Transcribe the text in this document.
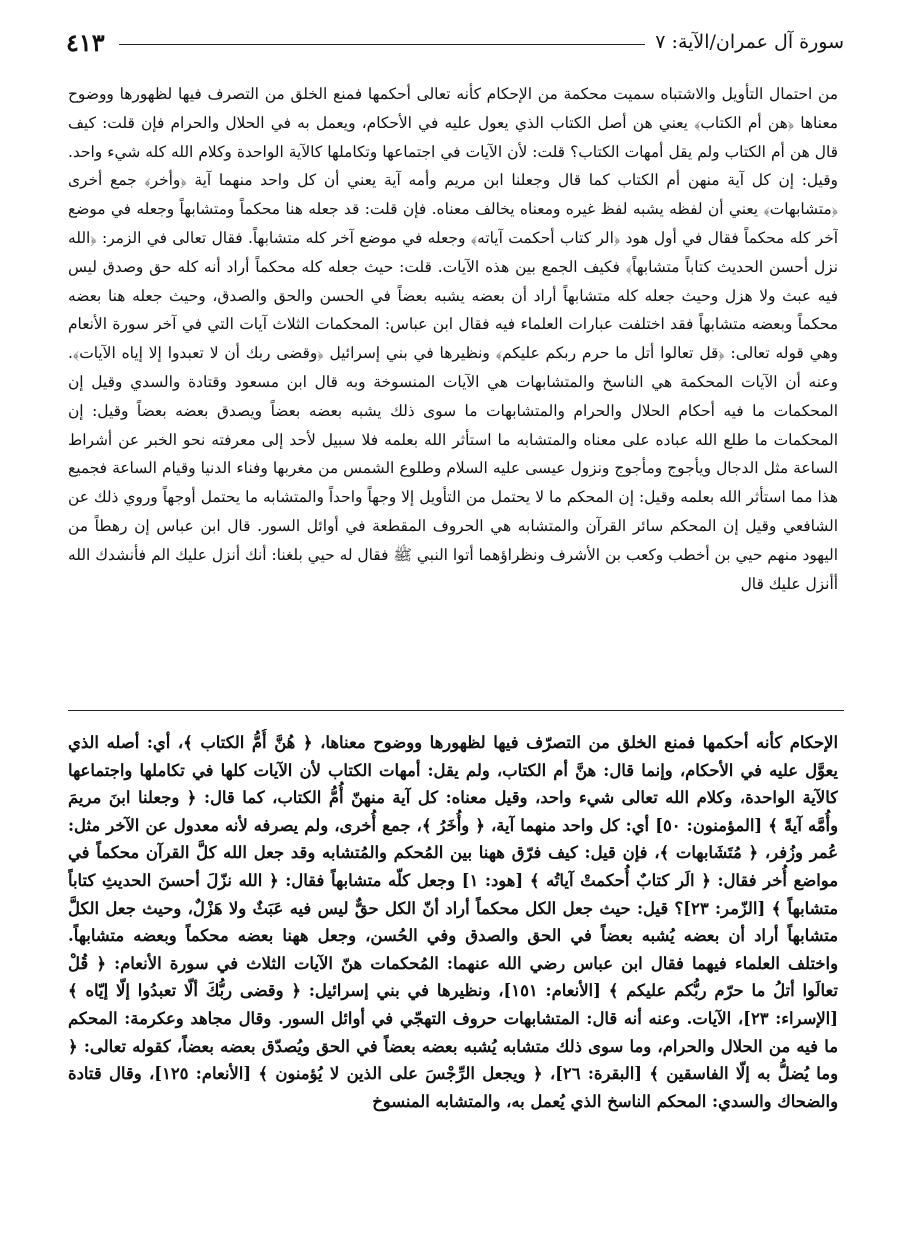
سورة آل عمران/الآية: ٧
٤١٣

من احتمال التأويل والاشتباه سميت محكمة من الإحكام كأنه تعالى أحكمها فمنع الخلق من التصرف فيها لظهورها ووضوح معناها ﴿هن أم الكتاب﴾ يعني هن أصل الكتاب الذي يعول عليه في الأحكام، ويعمل به في الحلال والحرام فإن قلت: كيف قال هن أم الكتاب ولم يقل أمهات الكتاب؟ قلت: لأن الآيات في اجتماعها وتكاملها كالآية الواحدة وكلام الله كله شيء واحد. وقيل: إن كل آية منهن أم الكتاب كما قال وجعلنا ابن مريم وأمه آية يعني أن كل واحد منهما آية ﴿وأخر﴾ جمع أخرى ﴿متشابهات﴾ يعني أن لفظه يشبه لفظ غيره ومعناه يخالف معناه. فإن قلت: قد جعله هنا محكماً ومتشابهاً وجعله في موضع آخر كله محكماً فقال في أول هود ﴿الر كتاب أحكمت آياته﴾ وجعله في موضع آخر كله متشابهاً. فقال تعالى في الزمر: ﴿الله نزل أحسن الحديث كتاباً متشابهاً﴾ فكيف الجمع بين هذه الآيات. قلت: حيث جعله كله محكماً أراد أنه كله حق وصدق ليس فيه عبث ولا هزل وحيث جعله كله متشابهاً أراد أن بعضه يشبه بعضاً في الحسن والحق والصدق، وحيث جعله هنا بعضه محكماً وبعضه متشابهاً فقد اختلفت عبارات العلماء فيه فقال ابن عباس: المحكمات الثلاث آيات التي في آخر سورة الأنعام وهي قوله تعالى: ﴿قل تعالوا أتل ما حرم ربكم عليكم﴾ ونظيرها في بني إسرائيل ﴿وقضى ربك أن لا تعبدوا إلا إياه الآيات﴾. وعنه أن الآيات المحكمة هي الناسخ والمتشابهات هي الآيات المنسوخة وبه قال ابن مسعود وقتادة والسدي وقيل إن المحكمات ما فيه أحكام الحلال والحرام والمتشابهات ما سوى ذلك يشبه بعضه بعضاً ويصدق بعضه بعضاً وقيل: إن المحكمات ما طلع الله عباده على معناه والمتشابه ما استأثر الله بعلمه فلا سبيل لأحد إلى معرفته نحو الخبر عن أشراط الساعة مثل الدجال ويأجوج ومأجوج ونزول عيسى عليه السلام وطلوع الشمس من مغربها وفناء الدنيا وقيام الساعة فجميع هذا مما استأثر الله بعلمه وقيل: إن المحكم ما لا يحتمل من التأويل إلا وجهاً واحداً والمتشابه ما يحتمل أوجهاً وروي ذلك عن الشافعي وقيل إن المحكم سائر القرآن والمتشابه هي الحروف المقطعة في أوائل السور. قال ابن عباس إن رهطاً من اليهود منهم حيي بن أخطب وكعب بن الأشرف ونظراؤهما أتوا النبي ﷺ فقال له حيي بلغنا: أنك أنزل عليك الم فأنشدك الله أأنزل عليك قال

الإحكام كأنه أحكمها فمنع الخلق من التصرّف فيها لظهورها ووضوح معناها، ﴿ هُنَّ أُمُّ الكتاب ﴾، أي: أصله الذي يعوَّل عليه في الأحكام، وإنما قال: هنَّ أم الكتاب، ولم يقل: أمهات الكتاب لأن الآيات كلها في تكاملها واجتماعها كالآية الواحدة، وكلام الله تعالى شيء واحد، وقيل معناه: كل آية منهنّ أُمُّ الكتاب، كما قال: ﴿ وجعلنا ابنَ مريمَ وأُمَّه آيةً ﴾ [المؤمنون: ٥٠] أي: كل واحد منهما آية، ﴿ وأُخَرُ ﴾، جمع أُخرى، ولم يصرفه لأنه معدول عن الآخر مثل: عُمر وزُفر، ﴿ مُتَشَابهات ﴾، فإن قيل: كيف فرّق ههنا بين المُحكم والمُتشابه وقد جعل الله كلَّ القرآن محكماً في مواضع أُخر فقال: ﴿ الَر كتابٌ أُحكمتْ آياتُه ﴾ [هود: ١] وجعل كلّه متشابهاً فقال: ﴿ الله نزّلَ أحسنَ الحديثِ كتاباً متشابهاً ﴾ [الزّمر: ٢٣]؟ قيل: حيث جعل الكل محكماً أراد أنّ الكل حقٌّ ليس فيه عَبَثٌ ولا هَزْلٌ، وحيث جعل الكلَّ متشابهاً أراد أن بعضه يُشبه بعضاً في الحق والصدق وفي الحُسن، وجعل ههنا بعضه محكماً وبعضه متشابهاً. واختلف العلماء فيهما فقال ابن عباس رضي الله عنهما: المُحكمات هنّ الآيات الثلاث في سورة الأنعام: ﴿ قُلْ تعالَوا أتلُ ما حرّم ربُّكم عليكم ﴾ [الأنعام: ١٥١]، ونظيرها في بني إسرائيل: ﴿ وقضى ربُّكَ ألّا تعبدُوا إلّا إيّاه ﴾ [الإسراء: ٢٣]، الآيات. وعنه أنه قال: المتشابهات حروف التهجّي في أوائل السور. وقال مجاهد وعكرمة: المحكم ما فيه من الحلال والحرام، وما سوى ذلك متشابه يُشبه بعضه بعضاً في الحق ويُصدّق بعضه بعضاً، كقوله تعالى: ﴿ وما يُضلُّ به إلّا الفاسقين ﴾ [البقرة: ٢٦]، ﴿ ويجعل الرِّجْسَ على الذين لا يُؤمنون ﴾ [الأنعام: ١٢٥]، وقال قتادة والضحاك والسدي: المحكم الناسخ الذي يُعمل به، والمتشابه المنسوخ
